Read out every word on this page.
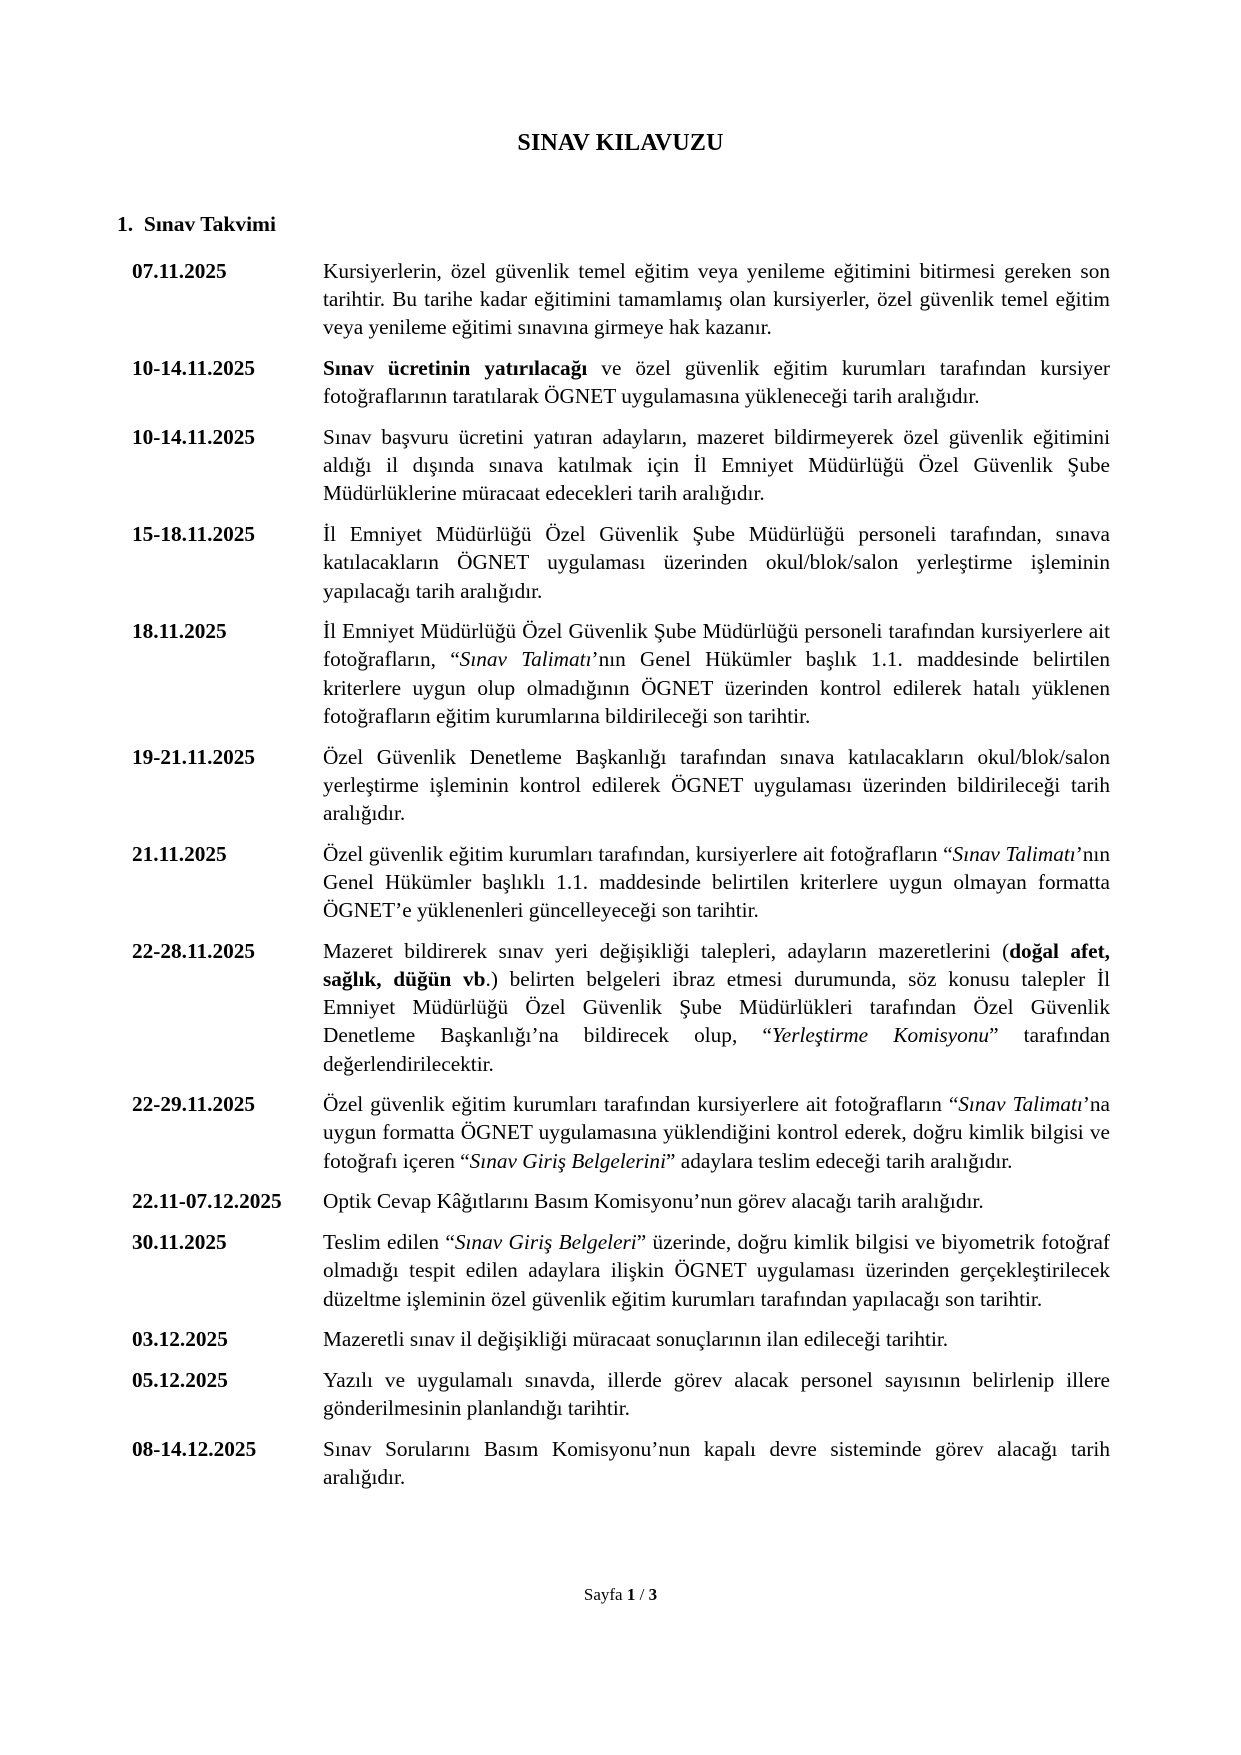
SINAV KILAVUZU
1. Sınav Takvimi
07.11.2025	Kursiyerlerin, özel güvenlik temel eğitim veya yenileme eğitimini bitirmesi gereken son tarihtir. Bu tarihe kadar eğitimini tamamlamış olan kursiyerler, özel güvenlik temel eğitim veya yenileme eğitimi sınavına girmeye hak kazanır.
10-14.11.2025	Sınav ücretinin yatırılacağı ve özel güvenlik eğitim kurumları tarafından kursiyer fotoğraflarının taratılarak ÖGNET uygulamasına yükleneceği tarih aralığıdır.
10-14.11.2025	Sınav başvuru ücretini yatıran adayların, mazeret bildirmeyerek özel güvenlik eğitimini aldığı il dışında sınava katılmak için İl Emniyet Müdürlüğü Özel Güvenlik Şube Müdürlüklerine müracaat edecekleri tarih aralığıdır.
15-18.11.2025	İl Emniyet Müdürlüğü Özel Güvenlik Şube Müdürlüğü personeli tarafından, sınava katılacakların ÖGNET uygulaması üzerinden okul/blok/salon yerleştirme işleminin yapılacağı tarih aralığıdır.
18.11.2025	İl Emniyet Müdürlüğü Özel Güvenlik Şube Müdürlüğü personeli tarafından kursiyerlere ait fotoğrafların, “Sınav Talimatı’nın Genel Hükümler başlık 1.1. maddesinde belirtilen kriterlere uygun olup olmadığının ÖGNET üzerinden kontrol edilerek hatalı yüklenen fotoğrafların eğitim kurumlarına bildirileceği son tarihtir.
19-21.11.2025	Özel Güvenlik Denetleme Başkanlığı tarafından sınava katılacakların okul/blok/salon yerleştirme işleminin kontrol edilerek ÖGNET uygulaması üzerinden bildirileceği tarih aralığıdır.
21.11.2025	Özel güvenlik eğitim kurumları tarafından, kursiyerlere ait fotoğrafların “Sınav Talimatı’nın Genel Hükümler başlıklı 1.1. maddesinde belirtilen kriterlere uygun olmayan formatta ÖGNET’e yüklenenleri güncelleyeceği son tarihtir.
22-28.11.2025	Mazeret bildirerek sınav yeri değişikliği talepleri, adayların mazeretlerini (doğal afet, sağlık, düğün vb.) belirten belgeleri ibraz etmesi durumunda, söz konusu talepler İl Emniyet Müdürlüğü Özel Güvenlik Şube Müdürlükleri tarafından Özel Güvenlik Denetleme Başkanlığı’na bildirecek olup, “Yerleştirme Komisyonu” tarafından değerlendirilecektir.
22-29.11.2025	Özel güvenlik eğitim kurumları tarafından kursiyerlere ait fotoğrafların “Sınav Talimatı’na uygun formatta ÖGNET uygulamasına yüklendiğini kontrol ederek, doğru kimlik bilgisi ve fotoğrafı içeren “Sınav Giriş Belgelerini” adaylara teslim edeceği tarih aralığıdır.
22.11-07.12.2025	Optik Cevap Kâğıtlarını Basım Komisyonu’nun görev alacağı tarih aralığıdır.
30.11.2025	Teslim edilen “Sınav Giriş Belgeleri” üzerinde, doğru kimlik bilgisi ve biyometrik fotoğraf olmadığı tespit edilen adaylara ilişkin ÖGNET uygulaması üzerinden gerçekleştirilecek düzeltme işleminin özel güvenlik eğitim kurumları tarafından yapılacağı son tarihtir.
03.12.2025	Mazeretli sınav il değişikliği müracaat sonuçlarının ilan edileceği tarihtir.
05.12.2025	Yazılı ve uygulamalı sınavda, illerde görev alacak personel sayısının belirlenip illere gönderilmesinin planlandığı tarihtir.
08-14.12.2025	Sınav Sorularını Basım Komisyonu’nun kapalı devre sisteminde görev alacağı tarih aralığıdır.
Sayfa 1 / 3
